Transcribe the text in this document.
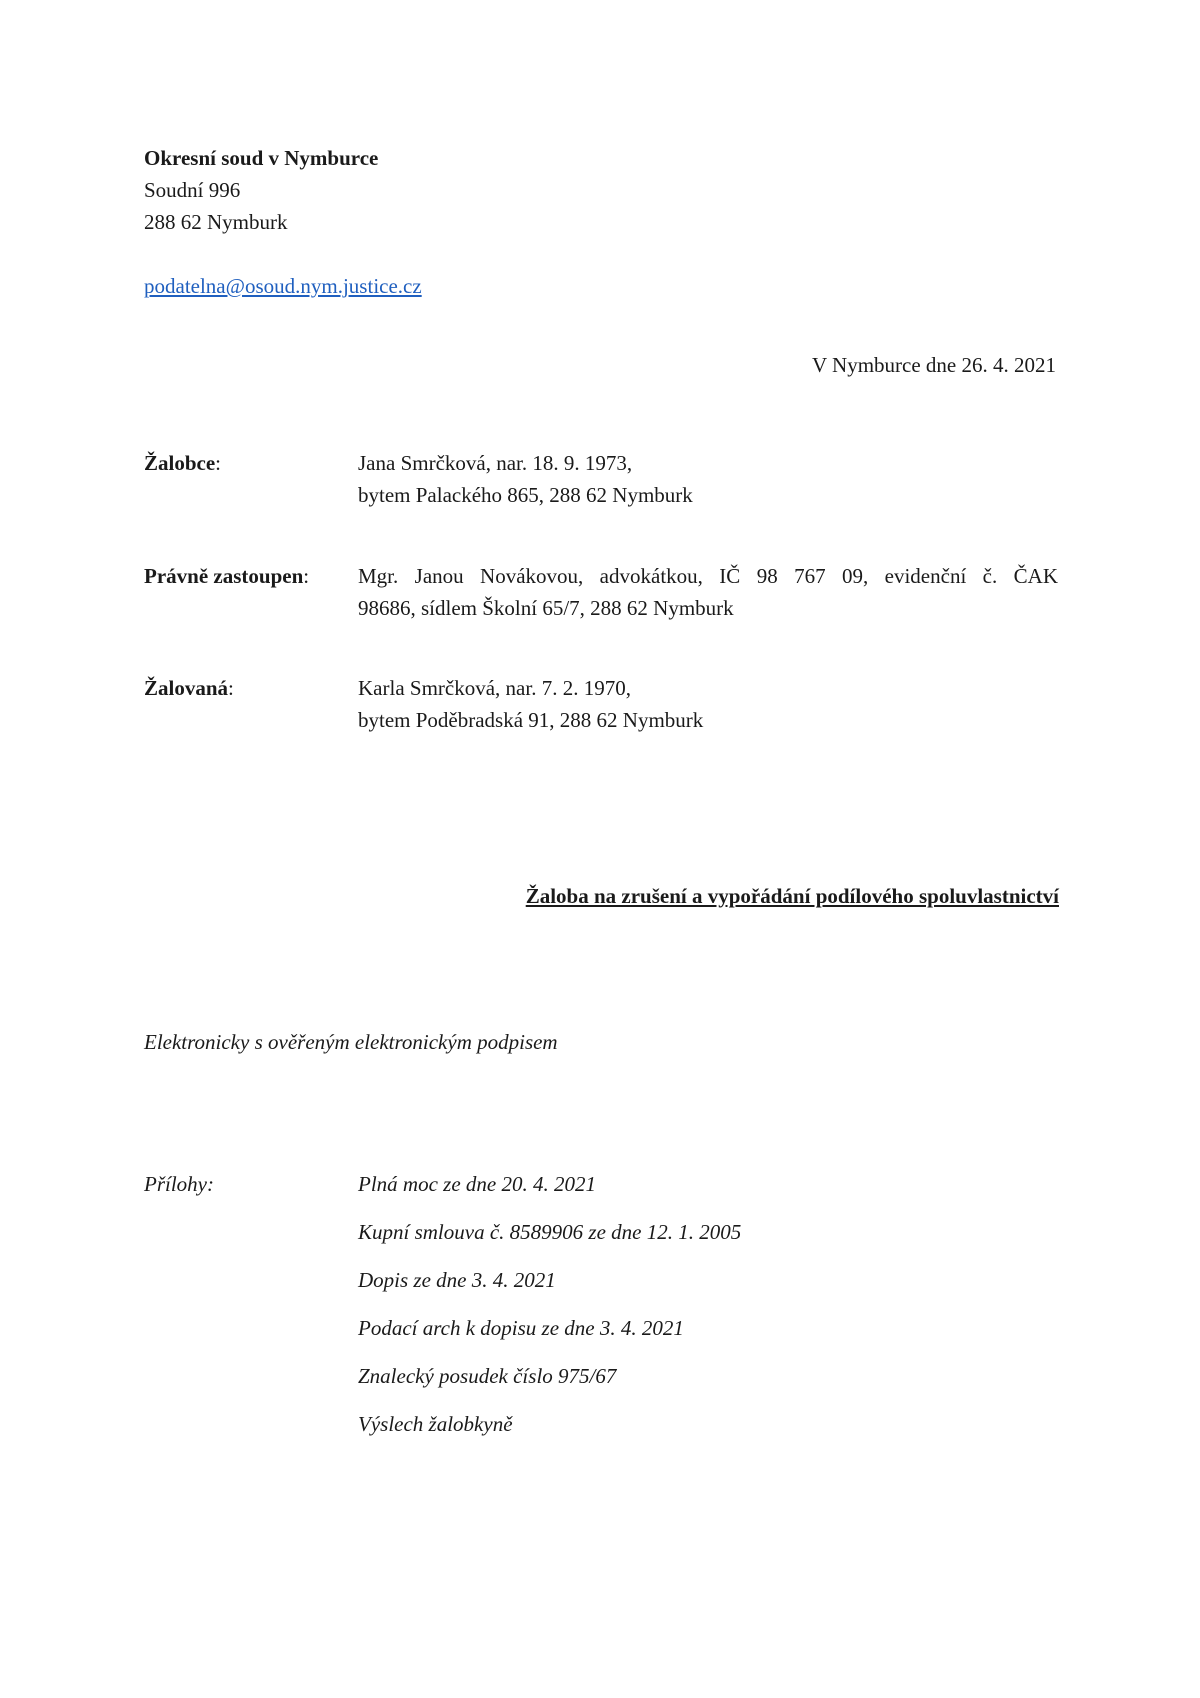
Okresní soud v Nymburce
Soudní 996
288 62 Nymburk
podatelna@osoud.nym.justice.cz
V Nymburce dne 26. 4. 2021
Žalobce:	Jana Smrčková, nar. 18. 9. 1973,
bytem Palackého 865, 288 62 Nymburk
Právně zastoupen:	Mgr. Janou Novákovou, advokátkou, IČ 98 767 09, evidenční č. ČAK
98686, sídlem Školní 65/7, 288 62 Nymburk
Žalovaná:	Karla Smrčková, nar. 7. 2. 1970,
bytem Poděbradská 91, 288 62 Nymburk
Žaloba na zrušení a vypořádání podílového spoluvlastnictví
Elektronicky s ověřeným elektronickým podpisem
Přílohy:	Plná moc ze dne 20. 4. 2021
Kupní smlouva č. 8589906 ze dne 12. 1. 2005
Dopis ze dne 3. 4. 2021
Podací arch k dopisu ze dne 3. 4. 2021
Znalecký posudek číslo 975/67
Výslech žalobkyně
